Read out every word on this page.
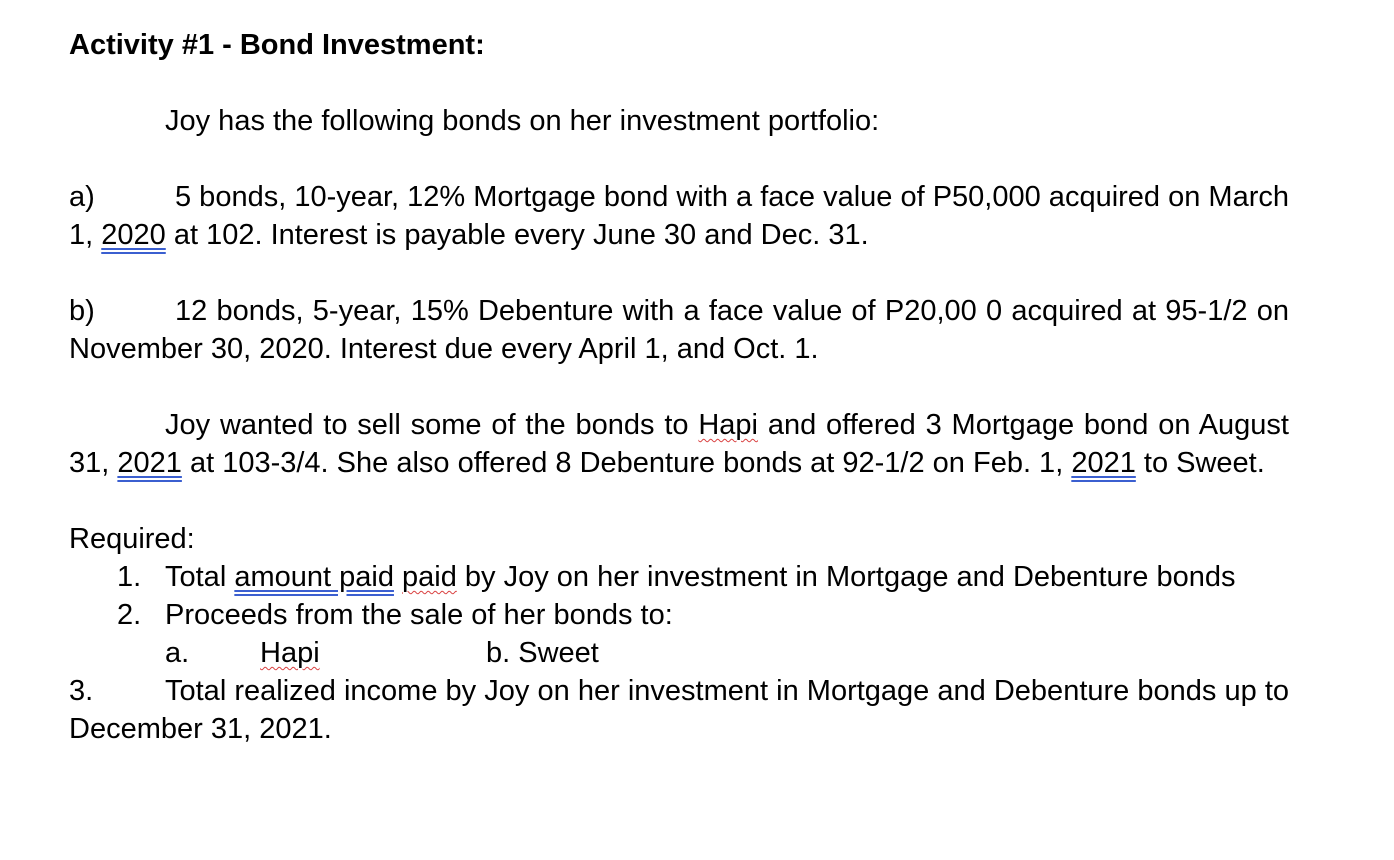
Activity #1 - Bond Investment:

Joy has the following bonds on her investment portfolio:

a)	5 bonds, 10-year, 12% Mortgage bond with a face value of P50,000 acquired on March 1, 2020 at 102. Interest is payable every June 30 and Dec. 31.

b)	12 bonds, 5-year, 15% Debenture with a face value of P20,00 0 acquired at 95-1/2 on November 30, 2020. Interest due every April 1, and Oct. 1.

Joy wanted to sell some of the bonds to Hapi and offered 3 Mortgage bond on August 31, 2021 at 103-3/4. She also offered 8 Debenture bonds at 92-1/2 on Feb. 1, 2021 to Sweet.

Required:

1. Total amount paid paid by Joy on her investment in Mortgage and Debenture bonds
2. Proceeds from the sale of her bonds to:
a. Hapi	b. Sweet

3. Total realized income by Joy on her investment in Mortgage and Debenture bonds up to December 31, 2021.
